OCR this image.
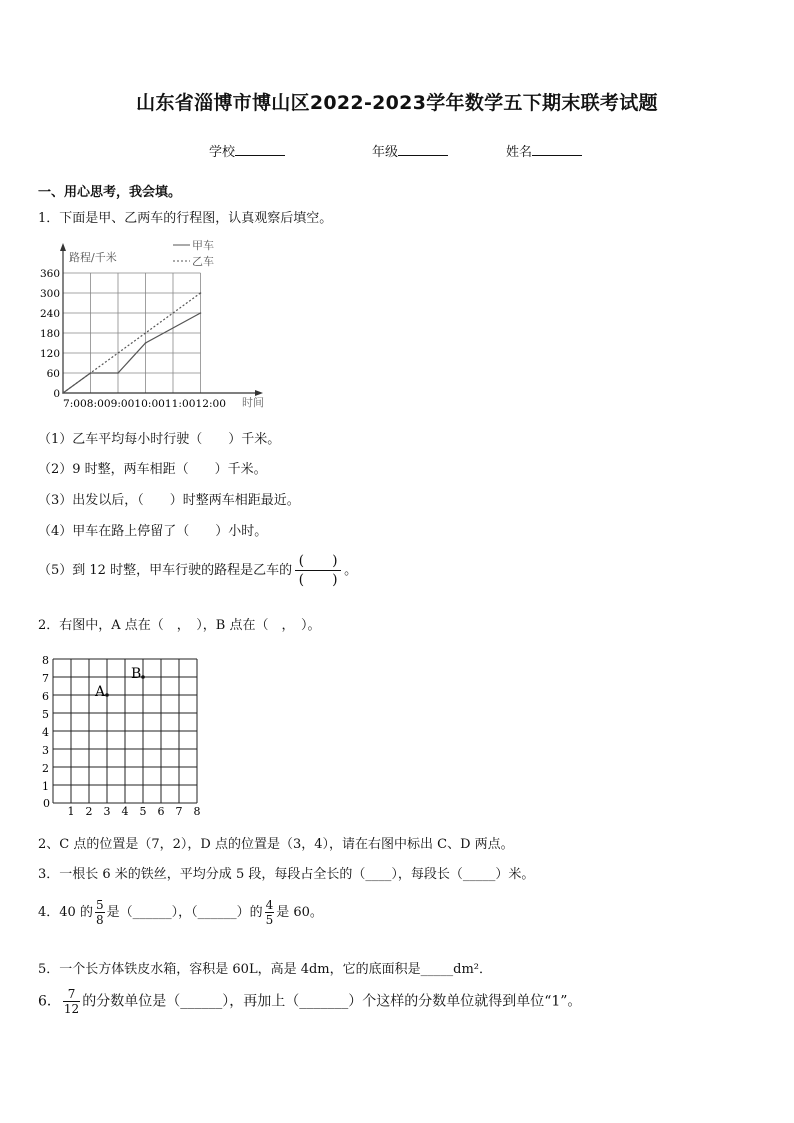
山东省淄博市博山区2022-2023学年数学五下期末联考试题
学校	年级	姓名
一、用心思考，我会填。
1．下面是甲、乙两车的行程图，认真观察后填空。
0
60
120
180
240
300
360
7:008:009:0010:0011:0012:00 时间
路程/千米
甲车
乙车
（1）乙车平均每小时行驶（　　）千米。
（2）9 时整，两车相距（　　）千米。
（3）出发以后，（　　）时整两车相距最近。
（4）甲车在路上停留了（　　）小时。
（5）到 12 时整，甲车行驶的路程是乙车的 $\frac{( )}{( )}$ 。
2．右图中，A 点在（　，　），B 点在（　，　）。
0
1 2 3 4 5 6 7 8
1
2
3
4
5
6
7
8
A
B
2、C 点的位置是（7，2），D 点的位置是（3，4），请在右图中标出 C、D 两点。
3．一根长 6 米的铁丝，平均分成 5 段，每段占全长的（____），每段长（_____）米。
4．40 的 $\frac{5}{8}$ 是（______），（______）的 $\frac{4}{5}$ 是 60。
5．一个长方体铁皮水箱，容积是 60L，高是 4dm，它的底面积是_____dm²．
6． $\frac{7}{12}$ 的分数单位是（______），再加上（_______）个这样的分数单位就得到单位“1”。
